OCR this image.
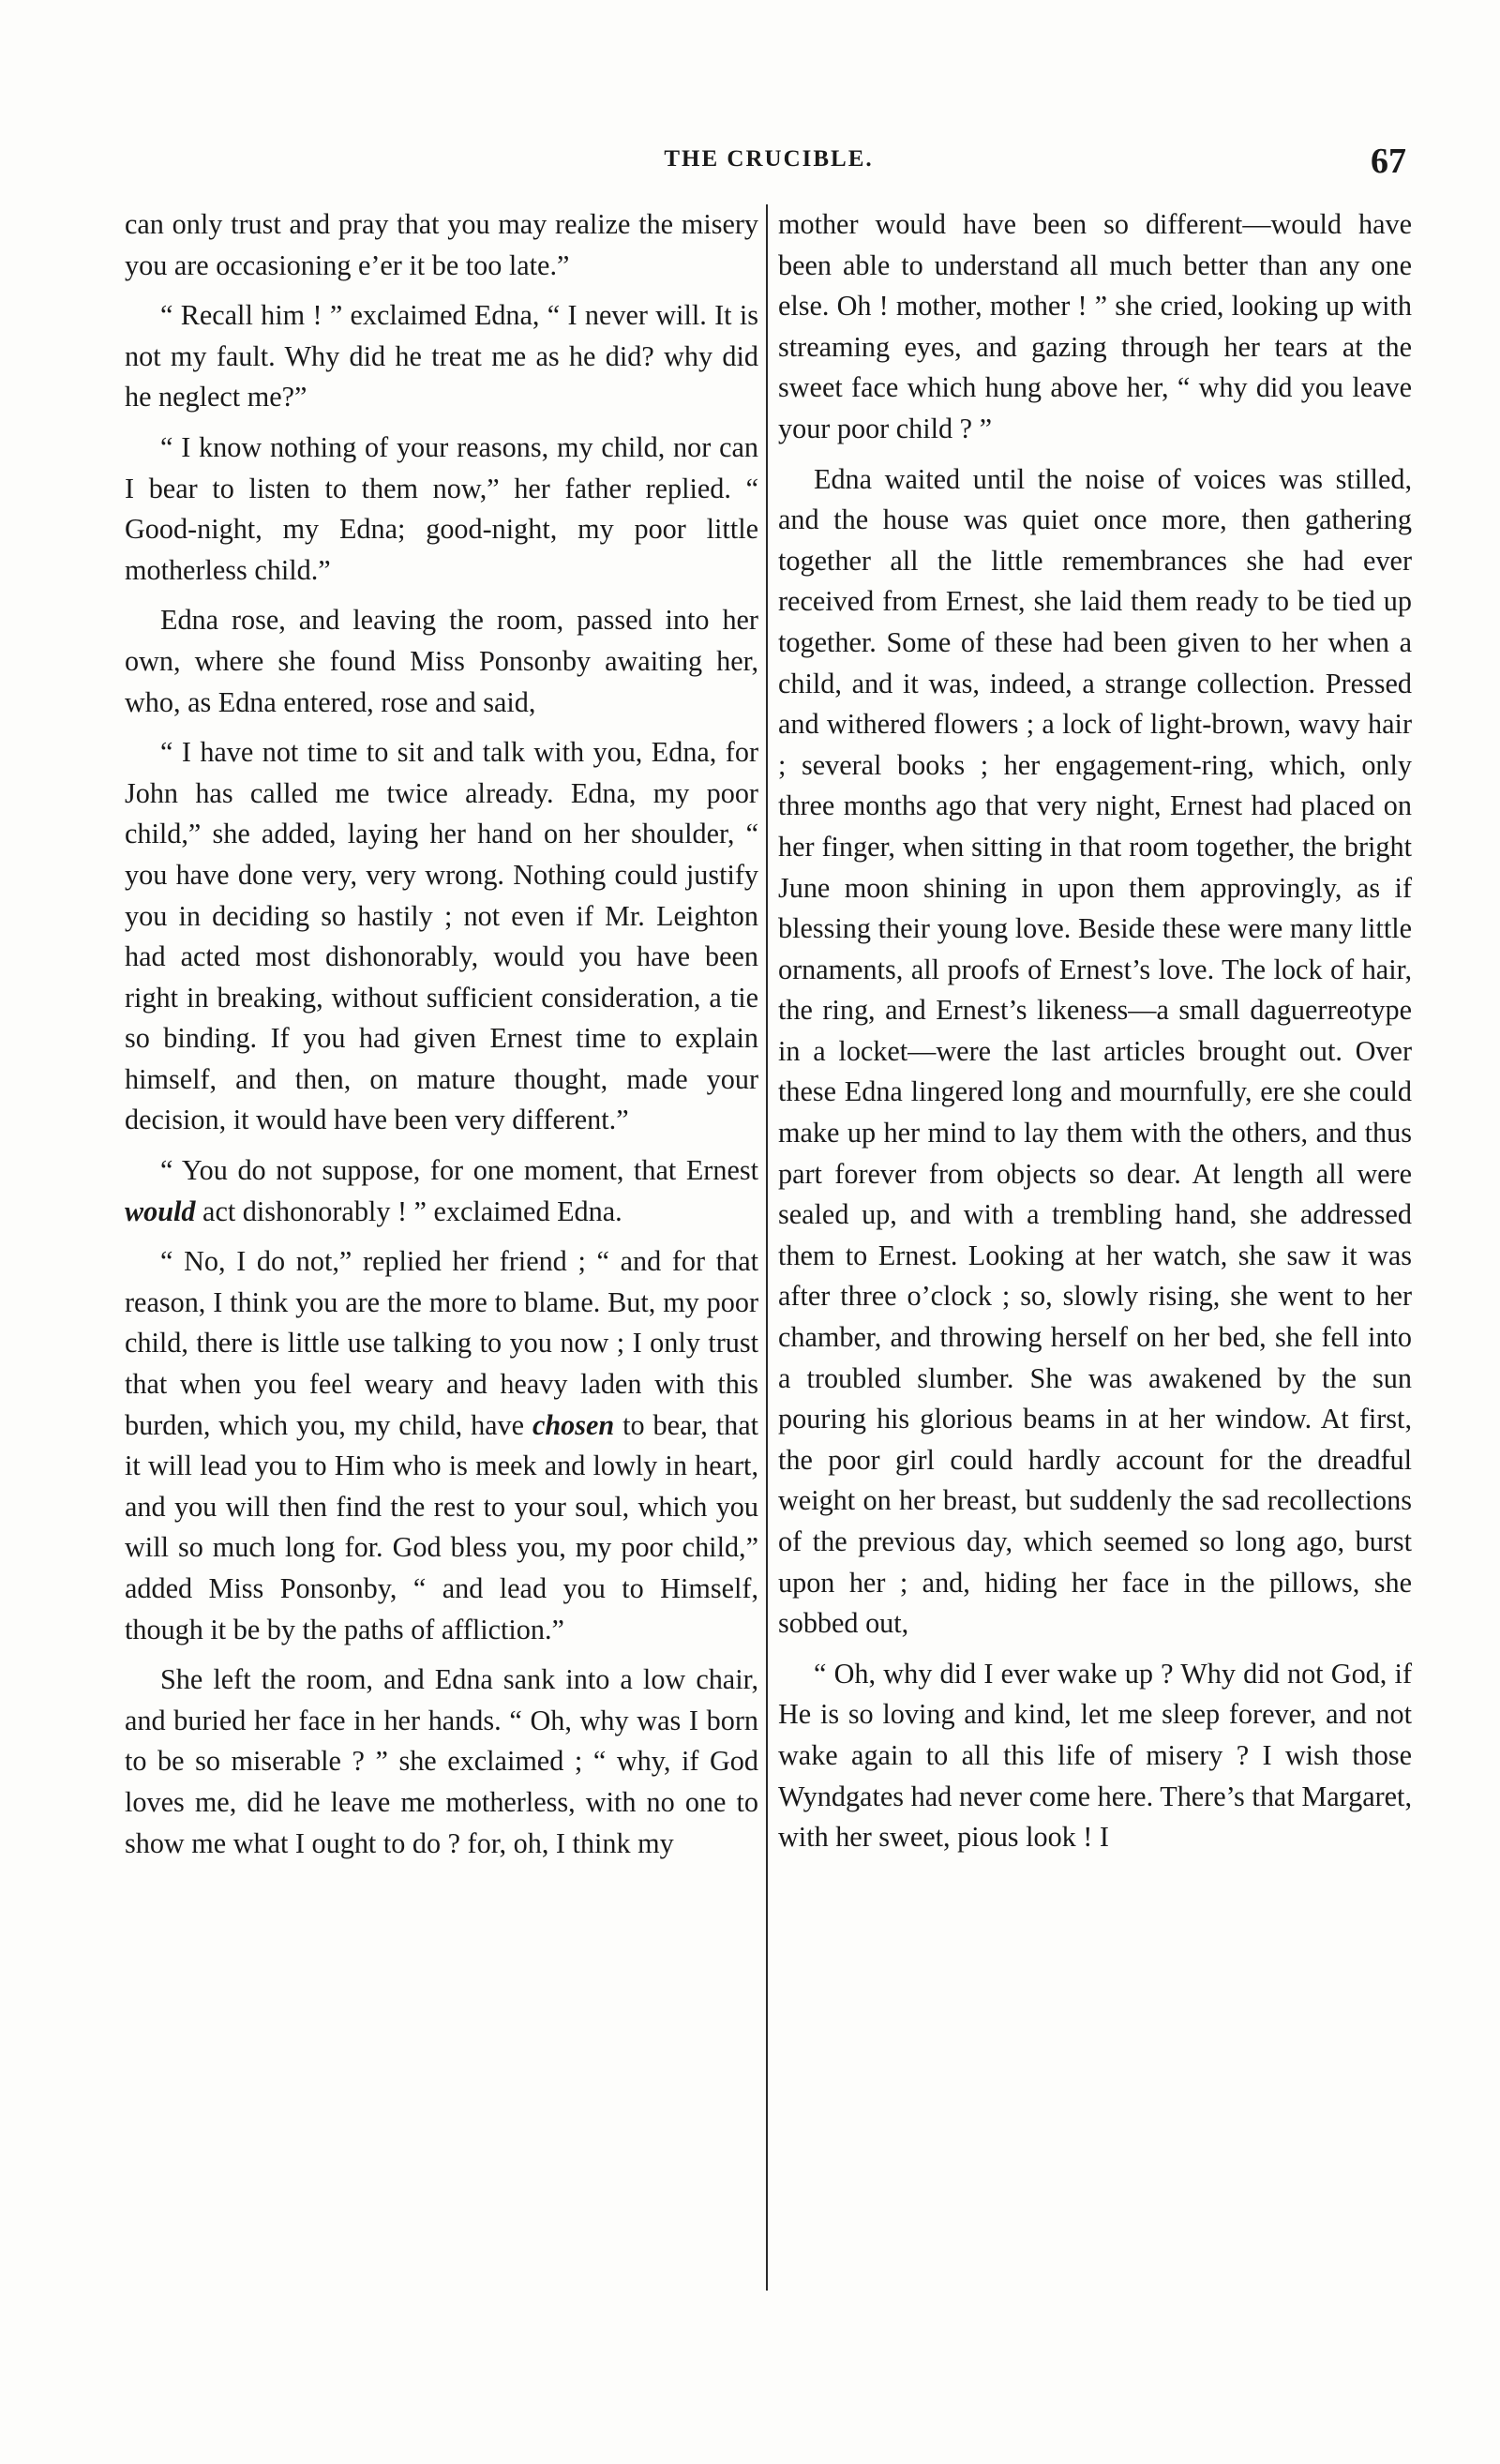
THE CRUCIBLE.	67

can only trust and pray that you may realize the misery you are occasioning e’er it be too late.”

“ Recall him ! ” exclaimed Edna, “ I never will. It is not my fault. Why did he treat me as he did? why did he neglect me?”

“ I know nothing of your reasons, my child, nor can I bear to listen to them now,” her father replied. “ Good-night, my Edna; good-night, my poor little motherless child.”

Edna rose, and leaving the room, passed into her own, where she found Miss Ponsonby awaiting her, who, as Edna entered, rose and said,

“ I have not time to sit and talk with you, Edna, for John has called me twice already. Edna, my poor child,” she added, laying her hand on her shoulder, “ you have done very, very wrong. Nothing could justify you in deciding so hastily ; not even if Mr. Leighton had acted most dishonorably, would you have been right in breaking, without sufficient consideration, a tie so binding. If you had given Ernest time to explain himself, and then, on mature thought, made your decision, it would have been very different.”

“ You do not suppose, for one moment, that Ernest would act dishonorably ! ” exclaimed Edna.

“ No, I do not,” replied her friend ; “ and for that reason, I think you are the more to blame. But, my poor child, there is little use talking to you now ; I only trust that when you feel weary and heavy laden with this burden, which you, my child, have chosen to bear, that it will lead you to Him who is meek and lowly in heart, and you will then find the rest to your soul, which you will so much long for. God bless you, my poor child,” added Miss Ponsonby, “ and lead you to Himself, though it be by the paths of affliction.”

She left the room, and Edna sank into a low chair, and buried her face in her hands. “ Oh, why was I born to be so miserable ? ” she exclaimed ; “ why, if God loves me, did he leave me motherless, with no one to show me what I ought to do ? for, oh, I think my

mother would have been so different—would have been able to understand all much better than any one else. Oh ! mother, mother ! ” she cried, looking up with streaming eyes, and gazing through her tears at the sweet face which hung above her, “ why did you leave your poor child ? ”

Edna waited until the noise of voices was stilled, and the house was quiet once more, then gathering together all the little remembrances she had ever received from Ernest, she laid them ready to be tied up together. Some of these had been given to her when a child, and it was, indeed, a strange collection. Pressed and withered flowers ; a lock of light-brown, wavy hair ; several books ; her engagement-ring, which, only three months ago that very night, Ernest had placed on her finger, when sitting in that room together, the bright June moon shining in upon them approvingly, as if blessing their young love. Beside these were many little ornaments, all proofs of Ernest’s love. The lock of hair, the ring, and Ernest’s likeness—a small daguerreotype in a locket—were the last articles brought out. Over these Edna lingered long and mournfully, ere she could make up her mind to lay them with the others, and thus part forever from objects so dear. At length all were sealed up, and with a trembling hand, she addressed them to Ernest. Looking at her watch, she saw it was after three o’clock ; so, slowly rising, she went to her chamber, and throwing herself on her bed, she fell into a troubled slumber. She was awakened by the sun pouring his glorious beams in at her window. At first, the poor girl could hardly account for the dreadful weight on her breast, but suddenly the sad recollections of the previous day, which seemed so long ago, burst upon her ; and, hiding her face in the pillows, she sobbed out,

“ Oh, why did I ever wake up ? Why did not God, if He is so loving and kind, let me sleep forever, and not wake again to all this life of misery ? I wish those Wyndgates had never come here. There’s that Margaret, with her sweet, pious look ! I
